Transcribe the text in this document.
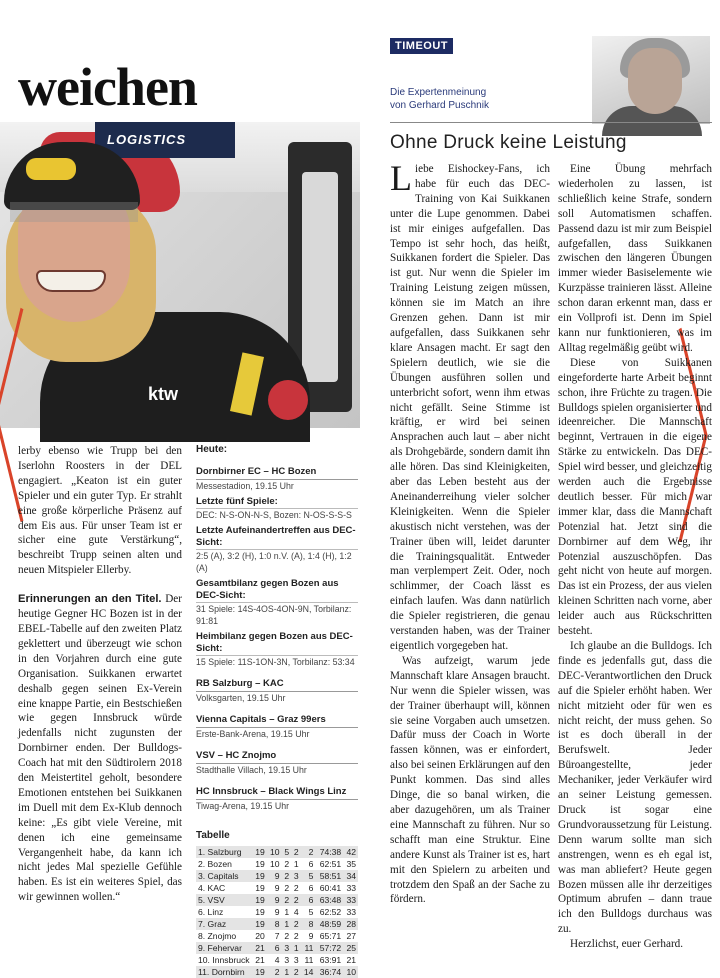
weichen
LOGISTICS
ktw

lerby ebenso wie Trupp bei den Iserlohn Roosters in der DEL engagiert. „Keaton ist ein guter Spieler und ein guter Typ. Er strahlt eine große körperliche Präsenz auf dem Eis aus. Für unser Team ist er sicher eine gute Verstärkung“, beschreibt Trupp seinen alten und neuen Mitspieler Ellerby.

Erinnerungen an den Titel. Der heutige Gegner HC Bozen ist in der EBEL-Tabelle auf den zweiten Platz geklettert und überzeugt wie schon in den Vorjahren durch eine gute Organisation. Suikkanen erwartet deshalb gegen seinen Ex-Verein eine knappe Partie, ein Bestschießen wie gegen Innsbruck würde jedenfalls nicht zugunsten der Dornbirner enden. Der Bulldogs-Coach hat mit den Südtirolern 2018 den Meistertitel geholt, besondere Emotionen entstehen bei Suikkanen im Duell mit dem Ex-Klub dennoch keine: „Es gibt viele Vereine, mit denen ich eine gemeinsame Vergangenheit habe, da kann ich nicht jedes Mal spezielle Gefühle haben. Es ist ein weiteres Spiel, das wir gewinnen wollen.“

Heute:
Dornbirner EC – HC Bozen
Messestadion, 19.15 Uhr
Letzte fünf Spiele:
DEC: N-S-ON-N-S, Bozen: N-OS-S-S-S
Letzte Aufeinandertreffen aus DEC-Sicht:
2:5 (A), 3:2 (H), 1:0 n.V. (A), 1:4 (H), 1:2 (A)
Gesamtbilanz gegen Bozen aus DEC-Sicht:
31 Spiele: 14S-4OS-4ON-9N, Torbilanz: 91:81
Heimbilanz gegen Bozen aus DEC-Sicht:
15 Spiele: 11S-1ON-3N, Torbilanz: 53:34
RB Salzburg – KAC
Volksgarten, 19.15 Uhr
Vienna Capitals – Graz 99ers
Erste-Bank-Arena, 19.15 Uhr
VSV – HC Znojmo
Stadthalle Villach, 19.15 Uhr
HC Innsbruck – Black Wings Linz
Tiwag-Arena, 19.15 Uhr
Tabelle
1. Salzburg	19	10	5	2	2	74:38	42
2. Bozen	19	10	2	1	6	62:51	35
3. Capitals	19	9	2	3	5	58:51	34
4. KAC	19	9	2	2	6	60:41	33
5. VSV	19	9	2	2	6	63:48	33
6. Linz	19	9	1	4	5	62:52	33
7. Graz	19	8	1	2	8	48:59	28
8. Znojmo	20	7	2	2	9	65:71	27
9. Fehervar	21	6	3	1	11	57:72	25
10. Innsbruck	21	4	3	3	11	63:91	21
11. Dornbirn	19	2	1	2	14	36:74	10
TIMEOUT
Die Expertenmeinung
von Gerhard Puschnik
Ohne Druck keine Leistung

Liebe Eishockey-Fans, ich habe für euch das DEC-Training von Kai Suikkanen unter die Lupe genommen. Dabei ist mir einiges aufgefallen. Das Tempo ist sehr hoch, das heißt, Suikkanen fordert die Spieler. Das ist gut. Nur wenn die Spieler im Training Leistung zeigen müssen, können sie im Match an ihre Grenzen gehen. Dann ist mir aufgefallen, dass Suikkanen sehr klare Ansagen macht. Er sagt den Spielern deutlich, wie sie die Übungen ausführen sollen und unterbricht sofort, wenn ihm etwas nicht gefällt. Seine Stimme ist kräftig, er wird bei seinen Ansprachen auch laut – aber nicht als Drohgebärde, sondern damit ihn alle hören. Das sind Kleinigkeiten, aber das Leben besteht aus der Aneinanderreihung vieler solcher Kleinigkeiten. Wenn die Spieler akustisch nicht verstehen, was der Trainer üben will, leidet darunter die Trainingsqualität. Entweder man verplempert Zeit. Oder, noch schlimmer, der Coach lässt es einfach laufen. Was dann natürlich die Spieler registrieren, die genau verstanden haben, was der Trainer eigentlich vorgegeben hat.

Was aufzeigt, warum jede Mannschaft klare Ansagen braucht. Nur wenn die Spieler wissen, was der Trainer überhaupt will, können sie seine Vorgaben auch umsetzen. Dafür muss der Coach in Worte fassen können, was er einfordert, also bei seinen Erklärungen auf den Punkt kommen. Das sind alles Dinge, die so banal wirken, die aber dazugehören, um als Trainer eine Mannschaft zu führen. Nur so schafft man eine Struktur. Eine andere Kunst als Trainer ist es, hart mit den Spielern zu arbeiten und trotzdem den Spaß an der Sache zu fördern.

Eine Übung mehrfach wiederholen zu lassen, ist schließlich keine Strafe, sondern soll Automatismen schaffen. Passend dazu ist mir zum Beispiel aufgefallen, dass Suikkanen zwischen den längeren Übungen immer wieder Basiselemente wie Kurzpässe trainieren lässt. Alleine schon daran erkennt man, dass er ein Vollprofi ist. Denn im Spiel kann nur funktionieren, was im Alltag regelmäßig geübt wird.

Diese von Suikkanen eingeforderte harte Arbeit beginnt schon, ihre Früchte zu tragen. Die Bulldogs spielen organisierter und ideenreicher. Die Mannschaft beginnt, Vertrauen in die eigene Stärke zu entwickeln. Das DEC-Spiel wird besser, und gleichzeitig werden auch die Ergebnisse deutlich besser. Für mich war immer klar, dass die Mannschaft Potenzial hat. Jetzt sind die Dornbirner auf dem Weg, ihr Potenzial auszuschöpfen. Das geht nicht von heute auf morgen. Das ist ein Prozess, der aus vielen kleinen Schritten nach vorne, aber leider auch aus Rückschritten besteht.

Ich glaube an die Bulldogs. Ich finde es jedenfalls gut, dass die DEC-Verantwortlichen den Druck auf die Spieler erhöht haben. Wer nicht mitzieht oder für wen es nicht reicht, der muss gehen. So ist es doch überall in der Berufswelt. Jeder Büroangestellte, jeder Mechaniker, jeder Verkäufer wird an seiner Leistung gemessen. Druck ist sogar eine Grundvoraussetzung für Leistung. Denn warum sollte man sich anstrengen, wenn es eh egal ist, was man abliefert? Heute gegen Bozen müssen alle ihr derzeitiges Optimum abrufen – dann traue ich den Bulldogs durchaus was zu.

Herzlichst, euer Gerhard.
